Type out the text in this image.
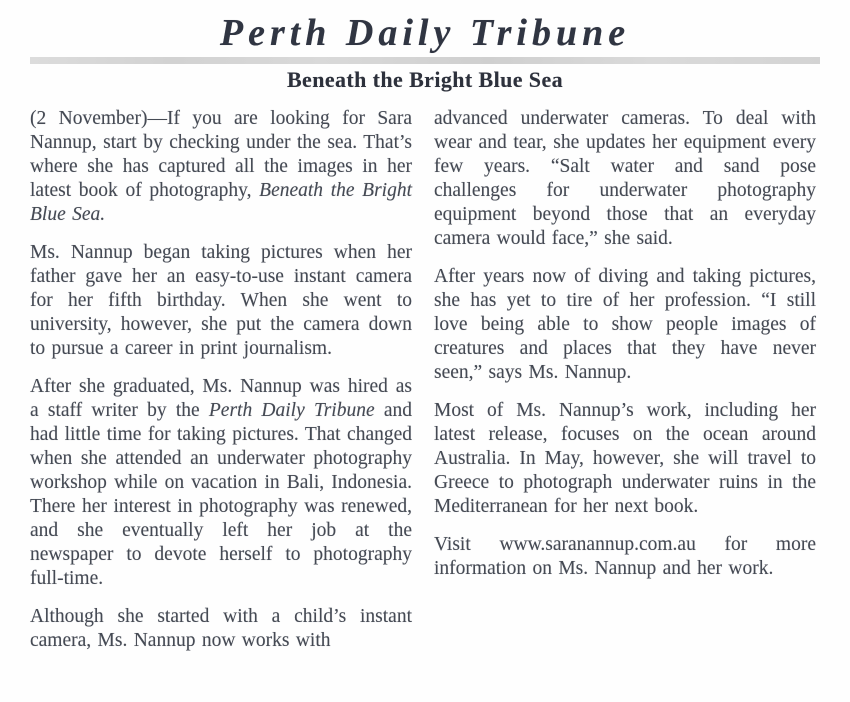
Perth Daily Tribune
Beneath the Bright Blue Sea

(2 November)—If you are looking for Sara Nannup, start by checking under the sea. That’s where she has captured all the images in her latest book of photography, Beneath the Bright Blue Sea.

Ms. Nannup began taking pictures when her father gave her an easy-to-use instant camera for her fifth birthday. When she went to university, however, she put the camera down to pursue a career in print journalism.

After she graduated, Ms. Nannup was hired as a staff writer by the Perth Daily Tribune and had little time for taking pictures. That changed when she attended an underwater photography workshop while on vacation in Bali, Indonesia. There her interest in photography was renewed, and she eventually left her job at the newspaper to devote herself to photography full-time.

Although she started with a child’s instant camera, Ms. Nannup now works with

advanced underwater cameras. To deal with wear and tear, she updates her equipment every few years. “Salt water and sand pose challenges for underwater photography equipment beyond those that an everyday camera would face,” she said.

After years now of diving and taking pictures, she has yet to tire of her profession. “I still love being able to show people images of creatures and places that they have never seen,” says Ms. Nannup.

Most of Ms. Nannup’s work, including her latest release, focuses on the ocean around Australia. In May, however, she will travel to Greece to photograph underwater ruins in the Mediterranean for her next book.

Visit www.saranannup.com.au for more information on Ms. Nannup and her work.
